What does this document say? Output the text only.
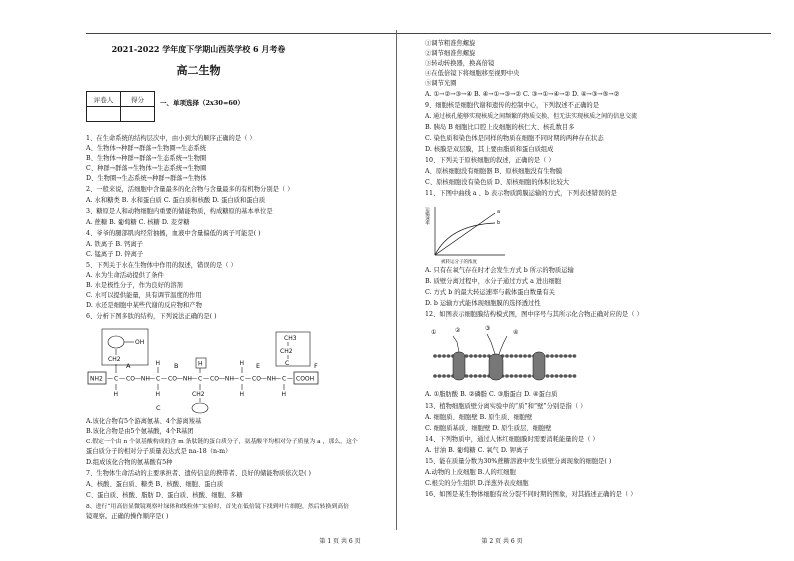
2021-2022 学年度下学期山西英学校 6 月考卷
高二生物
评卷人	得分
	一、单项选择（2x30=60）
1、在生命系统的结构层次中，由小到大的顺序正确的是（ ）
A、生物体→种群→群落→生物圈→生态系统
B、生物体→种群→群落→生态系统→生物圈
C、种群→群落→生物体→生态系统→生物圈
D、生物圈→生态系统→种群→群落→生物体
2、一般来说，活细胞中含量最多的化合物与含量最多的有机物分别是（ ）
A. 水和糖类 B. 水和蛋白质 C. 蛋白质和核酸 D. 蛋白质和蛋白质
3、糖原是人和动物细胞内重要的储能物质，构成糖原的基本单位是
A. 蔗糖 B. 葡萄糖 C. 核糖 D. 麦芽糖
4、爷爷的腿部肌肉经常抽搐，血液中含量偏低的离子可能是( )
A. 铁离子 B. 钙离子
C. 锰离子 D. 锌离子
5、下列关于水在生物体中作用的叙述，错误的是（ ）
A. 水为生命活动提供了条件
B. 水是极性分子，作为良好的溶剂
C. 水可以提供能量，具有调节温度的作用
D. 水还是细胞中某些代谢的反应物和产物
6、分析下图多肽的结构，下列说法正确的是( )
NH2 — C — CO—NH — C — CO—NH — C — CO—NH — C — CO—NH — C — COOH
CH2
OH
H
H
H
H
CH2
H
H
CH3
CH2
C
H
A	B
C
E	F
A.该化合物有5个游离氨基、4个游离羧基
B.该化合物是由5个氨基酸，4个R基团
C.假定一个由 n 个氨基酸构成的含 m 条肽链的蛋白质分子，氨基酸平均相对分子质量为 a ，那么，这个
蛋白质分子的相对分子质量表达式是 na-18（n-m）
D.组成该化合物的氨基酸有5种
7、生物体生命活动的主要承担者、遗传信息的携带者、良好的储能物质依次是( )
A、核酸、蛋白质、糖类 B、核酸、细胞、蛋白质
C、蛋白质、核酸、脂肪 D、蛋白质、核酸、细胞、多糖
8、进行“用高倍显微镜观察叶绿体和线粒体”实验时，首先在低倍镜下找到叶片细胞，然后转换到高倍
镜观察。正确的操作顺序是( )
第 1 页 共 6 页
①调节粗准焦螺旋
②调节细准焦螺旋
③转动转换器，换高倍镜
④在低倍镜下将细胞移至视野中央
⑤调节光圈
A. ①→②→③→④ B. ④→①→③→② C. ③→①→④→② D. ④→③→⑤→②
9、细胞核是细胞代谢和遗传的控制中心，下列叙述不正确的是
A. 通过核孔能够实现核质之间频繁的物质交换，但无法实现核质之间的信息交流
B. 胰岛 B 细胞比口腔上皮细胞的核仁大、核孔数目多
C. 染色质和染色体是同样的物质在细胞不同时期的两种存在状态
D. 核膜是双层膜，其上要由脂质和蛋白质组成
10、下列关于原核细胞的叙述，正确的是（ ）
A、原核细胞没有细胞器 B、原核细胞没有生物膜
C、原核细胞没有染色质 D、原核细胞的体积比较大
11、下图中曲线 a 、b 表示物质跨膜运输的方式，下列表述错误的是
运输速率	a
b
被转运分子的浓度
A. 只有在氧气存在时才会发生方式 b 所示的物质运输
B. 质壁分离过程中，水分子通过方式 a 进出细胞
C. 方式 b 的最大转运速率与载体蛋白数量有关
D. b 运输方式能体现细胞膜的选择透过性
12、如图表示细胞膜结构模式图，图中序号与其所示化合物正确对应的是（ ）
①	②	③
④
A. ①脂肪酸 B. ②磷脂 C. ③脂蛋白 D. ④蛋白质
13、植物细胞质壁分离实验中的“质”和“壁”分别是指（ ）
A. 细胞质、细胞壁 B. 原生质、细胞壁
C. 细胞质基质、细胞壁 D. 原生质层、细胞壁
14、下列物质中，通过人体红细胞膜时需要消耗能量的是（ ）
A. 甘油 B. 葡萄糖 C. 氧气 D. 钾离子
15、能在质量分数为30%蔗糖溶液中发生质壁分离现象的细胞是( )
A.动物的上皮细胞 B.人的红细胞
C.根尖的分生组织 D.洋葱外表皮细胞
16、如图是某生物体细胞有丝分裂不同时期的图象，对其描述正确的是（ ）
第 2 页 共 6 页
